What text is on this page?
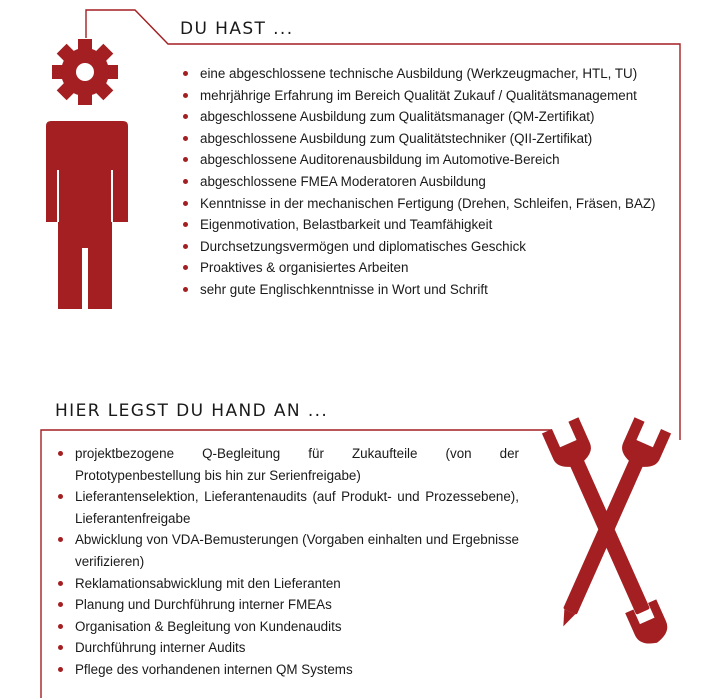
DU HAST ...
eine abgeschlossene technische Ausbildung (Werkzeugmacher, HTL, TU)
mehrjährige Erfahrung im Bereich Qualität Zukauf / Qualitätsmanagement
abgeschlossene Ausbildung zum Qualitätsmanager (QM-Zertifikat)
abgeschlossene Ausbildung zum Qualitätstechniker (QII-Zertifikat)
abgeschlossene Auditorenausbildung im Automotive-Bereich
abgeschlossene FMEA Moderatoren Ausbildung
Kenntnisse in der mechanischen Fertigung (Drehen, Schleifen, Fräsen, BAZ)
Eigenmotivation, Belastbarkeit und Teamfähigkeit
Durchsetzungsvermögen und diplomatisches Geschick
Proaktives & organisiertes Arbeiten
sehr gute Englischkenntnisse in Wort und Schrift
HIER LEGST DU HAND AN ...
projektbezogene Q-Begleitung für Zukaufteile (von der Prototypenbestellung bis hin zur Serienfreigabe)
Lieferantenselektion, Lieferantenaudits (auf Produkt- und Prozessebene), Lieferantenfreigabe
Abwicklung von VDA-Bemusterungen (Vorgaben einhalten und Ergebnisse verifizieren)
Reklamationsabwicklung mit den Lieferanten
Planung und Durchführung interner FMEAs
Organisation & Begleitung von Kundenaudits
Durchführung interner Audits
Pflege des vorhandenen internen QM Systems
